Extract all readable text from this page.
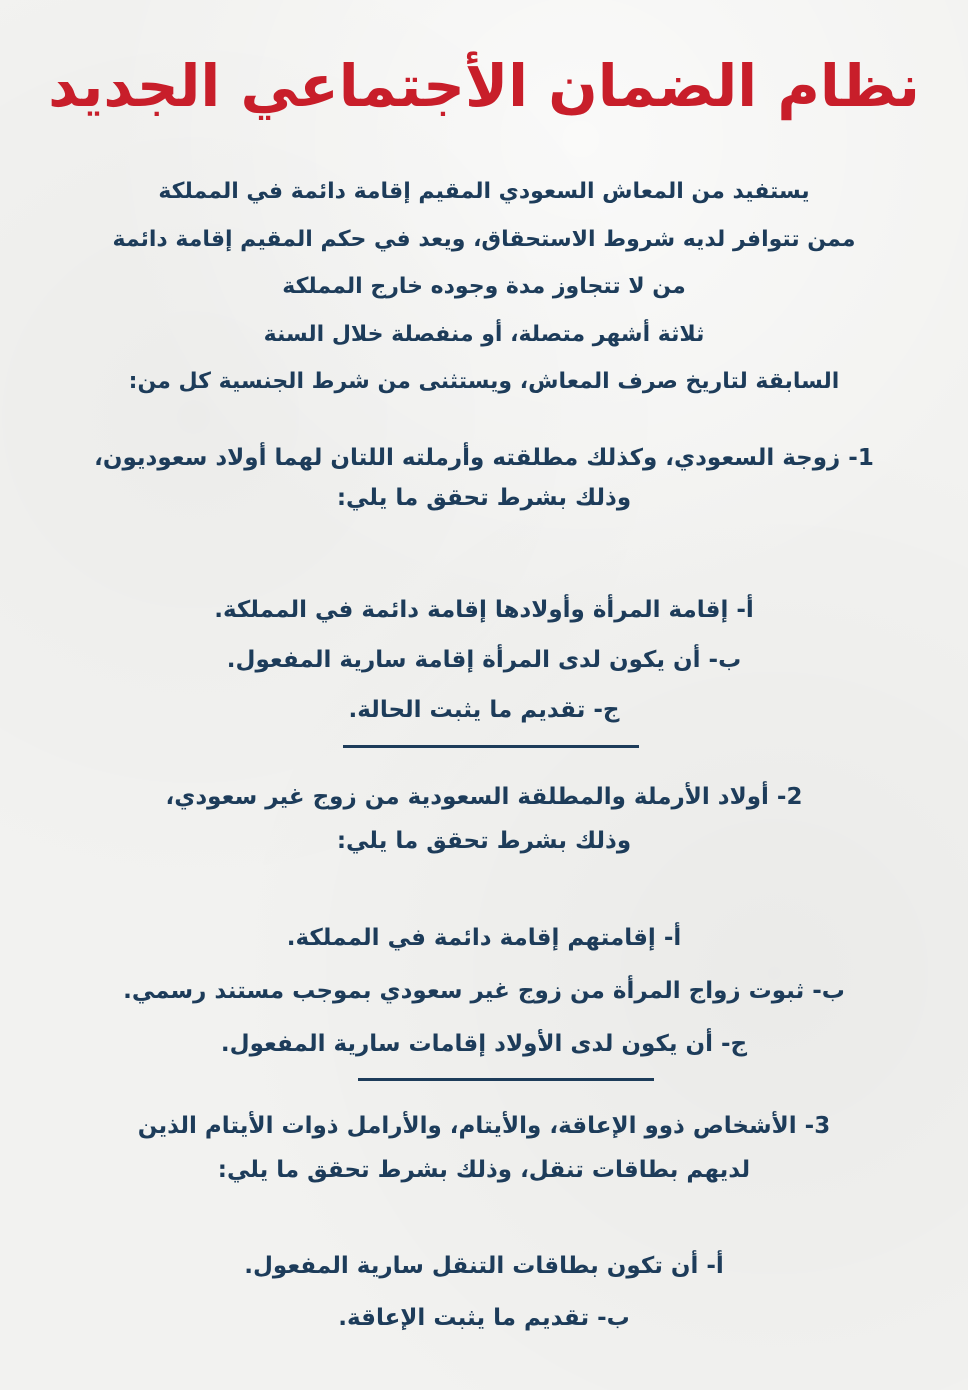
نظام الضمان الأجتماعي الجديد
يستفيد من المعاش السعودي المقيم إقامة دائمة في المملكة
ممن تتوافر لديه شروط الاستحقاق، ويعد في حكم المقيم إقامة دائمة
من لا تتجاوز مدة وجوده خارج المملكة
ثلاثة أشهر متصلة، أو منفصلة خلال السنة
السابقة لتاريخ صرف المعاش، ويستثنى من شرط الجنسية كل من:
1- زوجة السعودي، وكذلك مطلقته وأرملته اللتان لهما أولاد سعوديون،
وذلك بشرط تحقق ما يلي:
أ- إقامة المرأة وأولادها إقامة دائمة في المملكة.
ب- أن يكون لدى المرأة إقامة سارية المفعول.
ج- تقديم ما يثبت الحالة.
2- أولاد الأرملة والمطلقة السعودية من زوج غير سعودي،
وذلك بشرط تحقق ما يلي:
أ- إقامتهم إقامة دائمة في المملكة.
ب- ثبوت زواج المرأة من زوج غير سعودي بموجب مستند رسمي.
ج- أن يكون لدى الأولاد إقامات سارية المفعول.
3- الأشخاص ذوو الإعاقة، والأيتام، والأرامل ذوات الأيتام الذين
لديهم بطاقات تنقل، وذلك بشرط تحقق ما يلي:
أ- أن تكون بطاقات التنقل سارية المفعول.
ب- تقديم ما يثبت الإعاقة.
